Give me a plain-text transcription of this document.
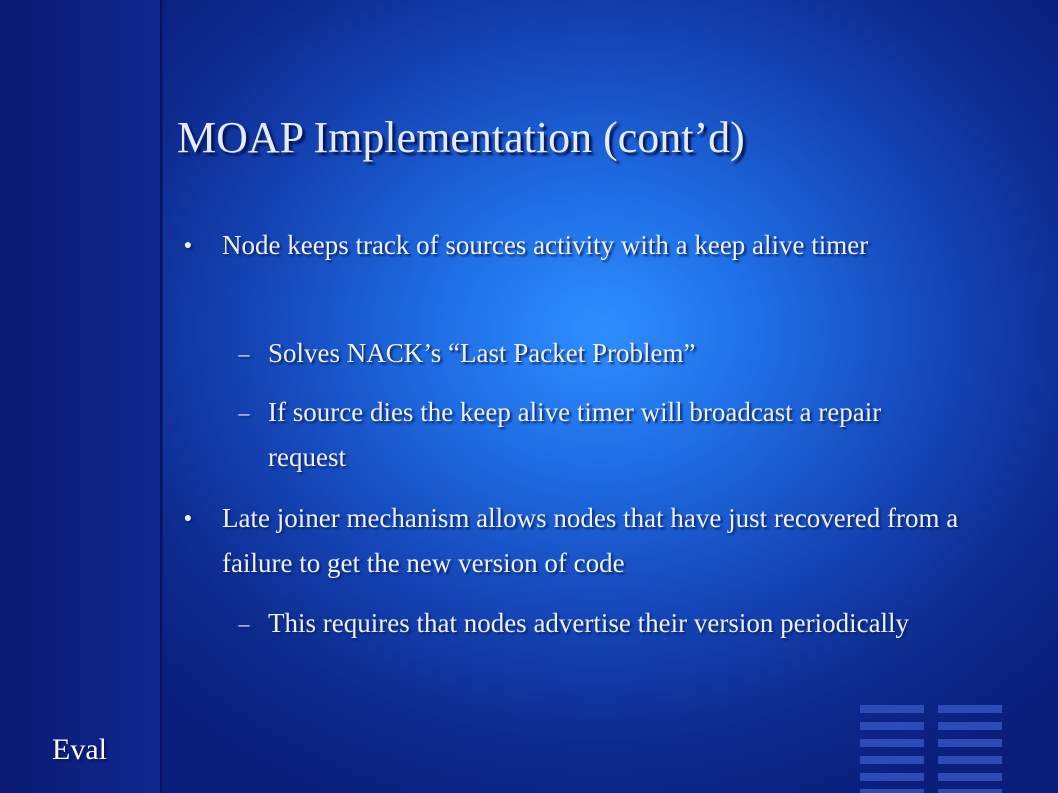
MOAP Implementation (cont’d)
● Node keeps track of sources activity with a keep alive timer
– Solves NACK’s “Last Packet Problem”
– If source dies the keep alive timer will broadcast a repair request
● Late joiner mechanism allows nodes that have just recovered from a failure to get the new version of code
– This requires that nodes advertise their version periodically
Eval
